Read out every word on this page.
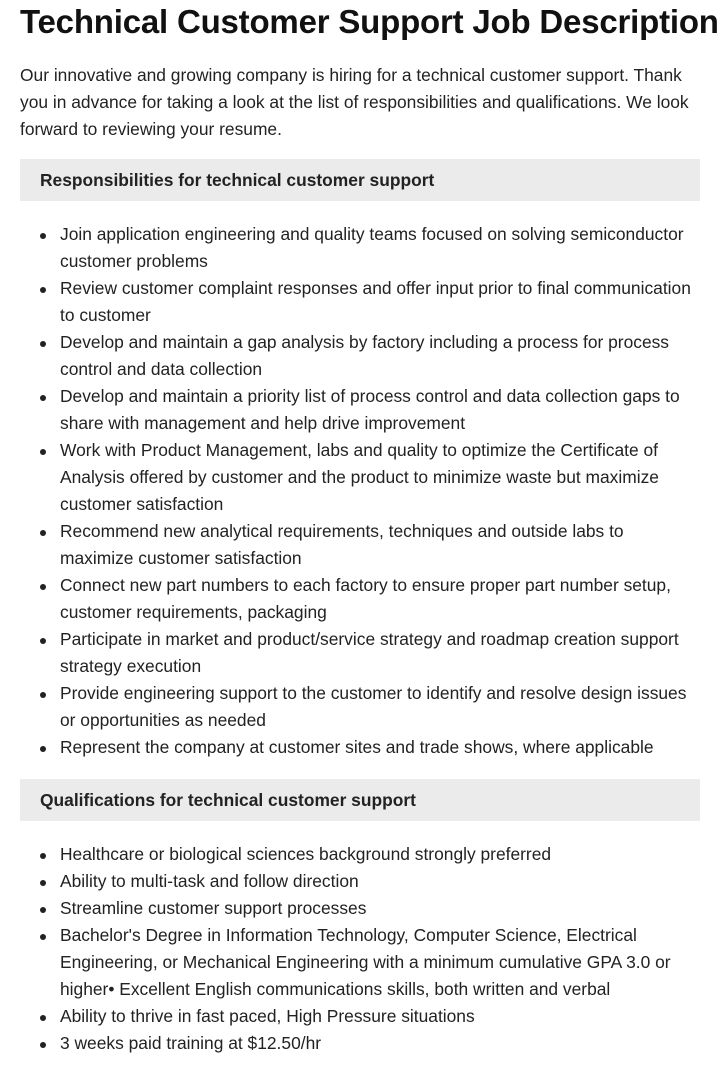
Technical Customer Support Job Description

Our innovative and growing company is hiring for a technical customer support. Thank you in advance for taking a look at the list of responsibilities and qualifications. We look forward to reviewing your resume.

Responsibilities for technical customer support
Join application engineering and quality teams focused on solving semiconductor customer problems
Review customer complaint responses and offer input prior to final communication to customer
Develop and maintain a gap analysis by factory including a process for process control and data collection
Develop and maintain a priority list of process control and data collection gaps to share with management and help drive improvement
Work with Product Management, labs and quality to optimize the Certificate of Analysis offered by customer and the product to minimize waste but maximize customer satisfaction
Recommend new analytical requirements, techniques and outside labs to maximize customer satisfaction
Connect new part numbers to each factory to ensure proper part number setup, customer requirements, packaging
Participate in market and product/service strategy and roadmap creation support strategy execution
Provide engineering support to the customer to identify and resolve design issues or opportunities as needed
Represent the company at customer sites and trade shows, where applicable
Qualifications for technical customer support
Healthcare or biological sciences background strongly preferred
Ability to multi-task and follow direction
Streamline customer support processes
Bachelor's Degree in Information Technology, Computer Science, Electrical Engineering, or Mechanical Engineering with a minimum cumulative GPA 3.0 or higher• Excellent English communications skills, both written and verbal
Ability to thrive in fast paced, High Pressure situations
3 weeks paid training at $12.50/hr
